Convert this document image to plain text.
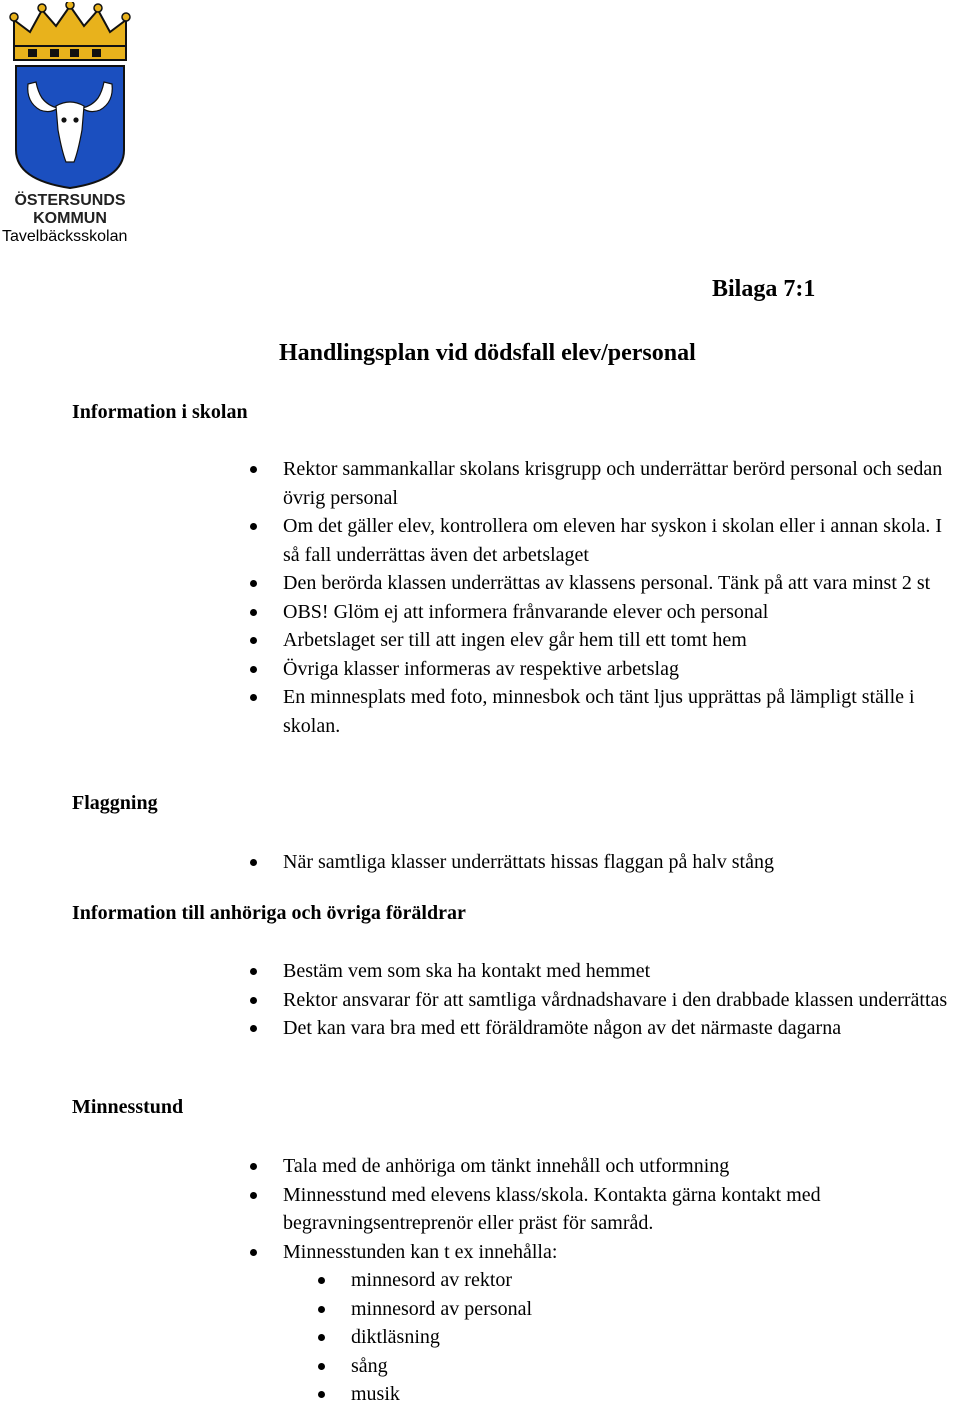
ÖSTERSUNDS
KOMMUN
Tavelbäcksskolan
Bilaga 7:1
Handlingsplan vid dödsfall elev/personal
Information i skolan
Rektor sammankallar skolans krisgrupp och underrättar berörd personal och sedan övrig personal
Om det gäller elev, kontrollera om eleven har syskon i skolan eller i annan skola. I så fall underrättas även det arbetslaget
Den berörda klassen underrättas av klassens personal. Tänk på att vara minst 2 st
OBS! Glöm ej att informera frånvarande elever och personal
Arbetslaget ser till att ingen elev går hem till ett tomt hem
Övriga klasser informeras av respektive arbetslag
En minnesplats med foto, minnesbok och tänt ljus upprättas på lämpligt ställe i skolan.
Flaggning
När samtliga klasser underrättats hissas flaggan på halv stång
Information till anhöriga och övriga föräldrar
Bestäm vem som ska ha kontakt med hemmet
Rektor ansvarar för att samtliga vårdnadshavare i den drabbade klassen underrättas
Det kan vara bra med ett föräldramöte någon av det närmaste dagarna
Minnesstund
Tala med de anhöriga om tänkt innehåll och utformning
Minnesstund med elevens klass/skola. Kontakta gärna kontakt med begravningsentreprenör eller präst för samråd.
Minnesstunden kan t ex innehålla:
minnesord av rektor
minnesord av personal
diktläsning
sång
musik
